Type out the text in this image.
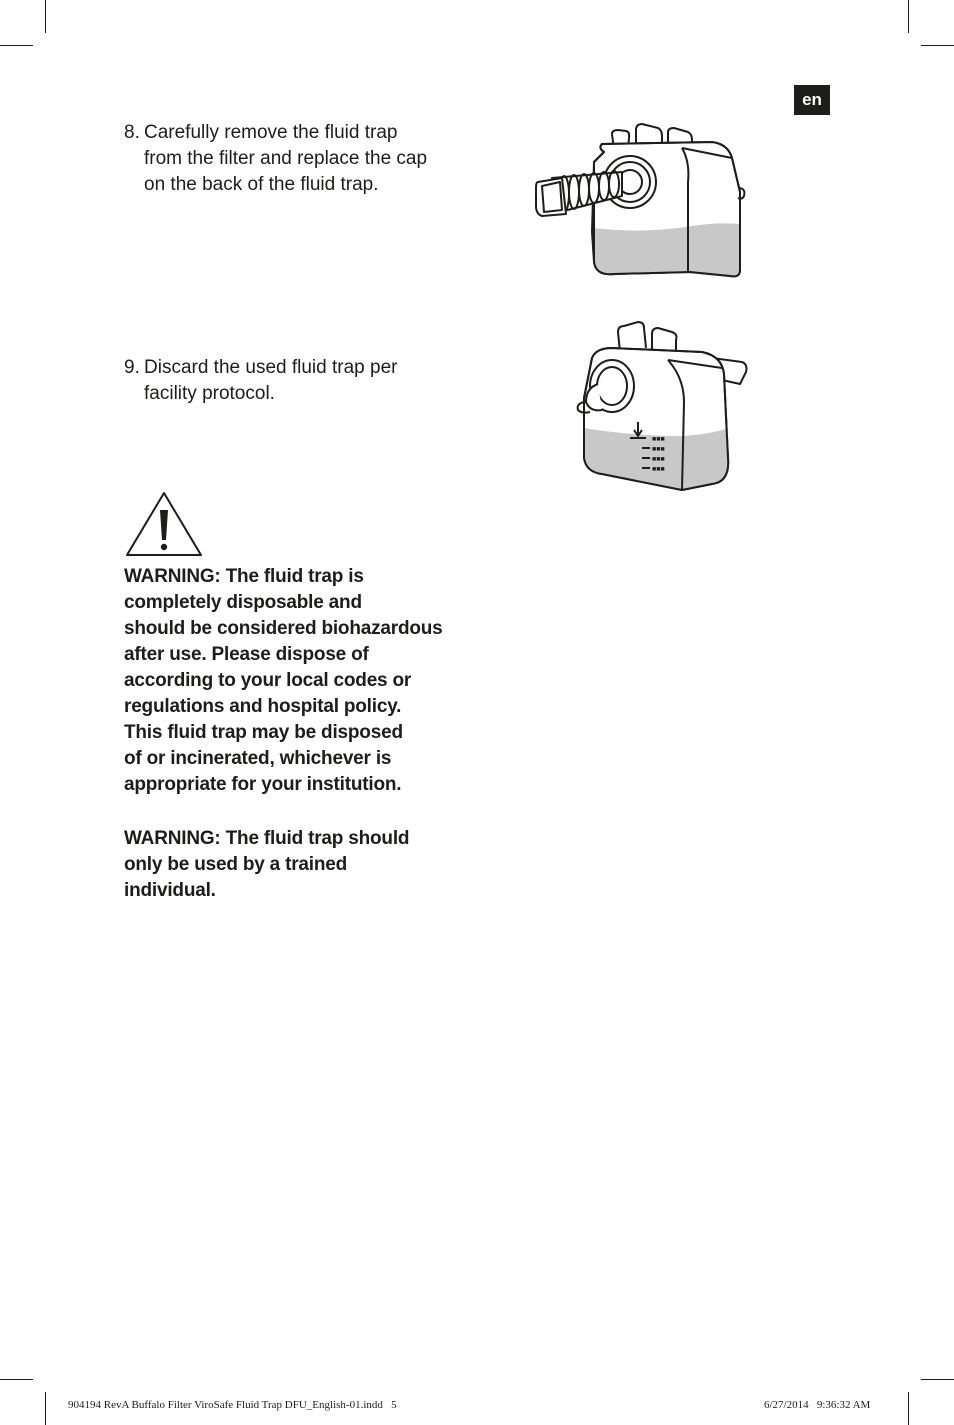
en
8. Carefully remove the fluid trap
from the filter and replace the cap
on the back of the fluid trap.
9. Discard the used fluid trap per
facility protocol.
■■■
■■■
■■■
■■■
WARNING: The fluid trap is
completely disposable and
should be considered biohazardous
after use. Please dispose of
according to your local codes or
regulations and hospital policy.
This fluid trap may be disposed
of or incinerated, whichever is
appropriate for your institution.
WARNING: The fluid trap should
only be used by a trained
individual.
904194 RevA Buffalo Filter ViroSafe Fluid Trap DFU_English-01.indd   5	6/27/2014   9:36:32 AM
